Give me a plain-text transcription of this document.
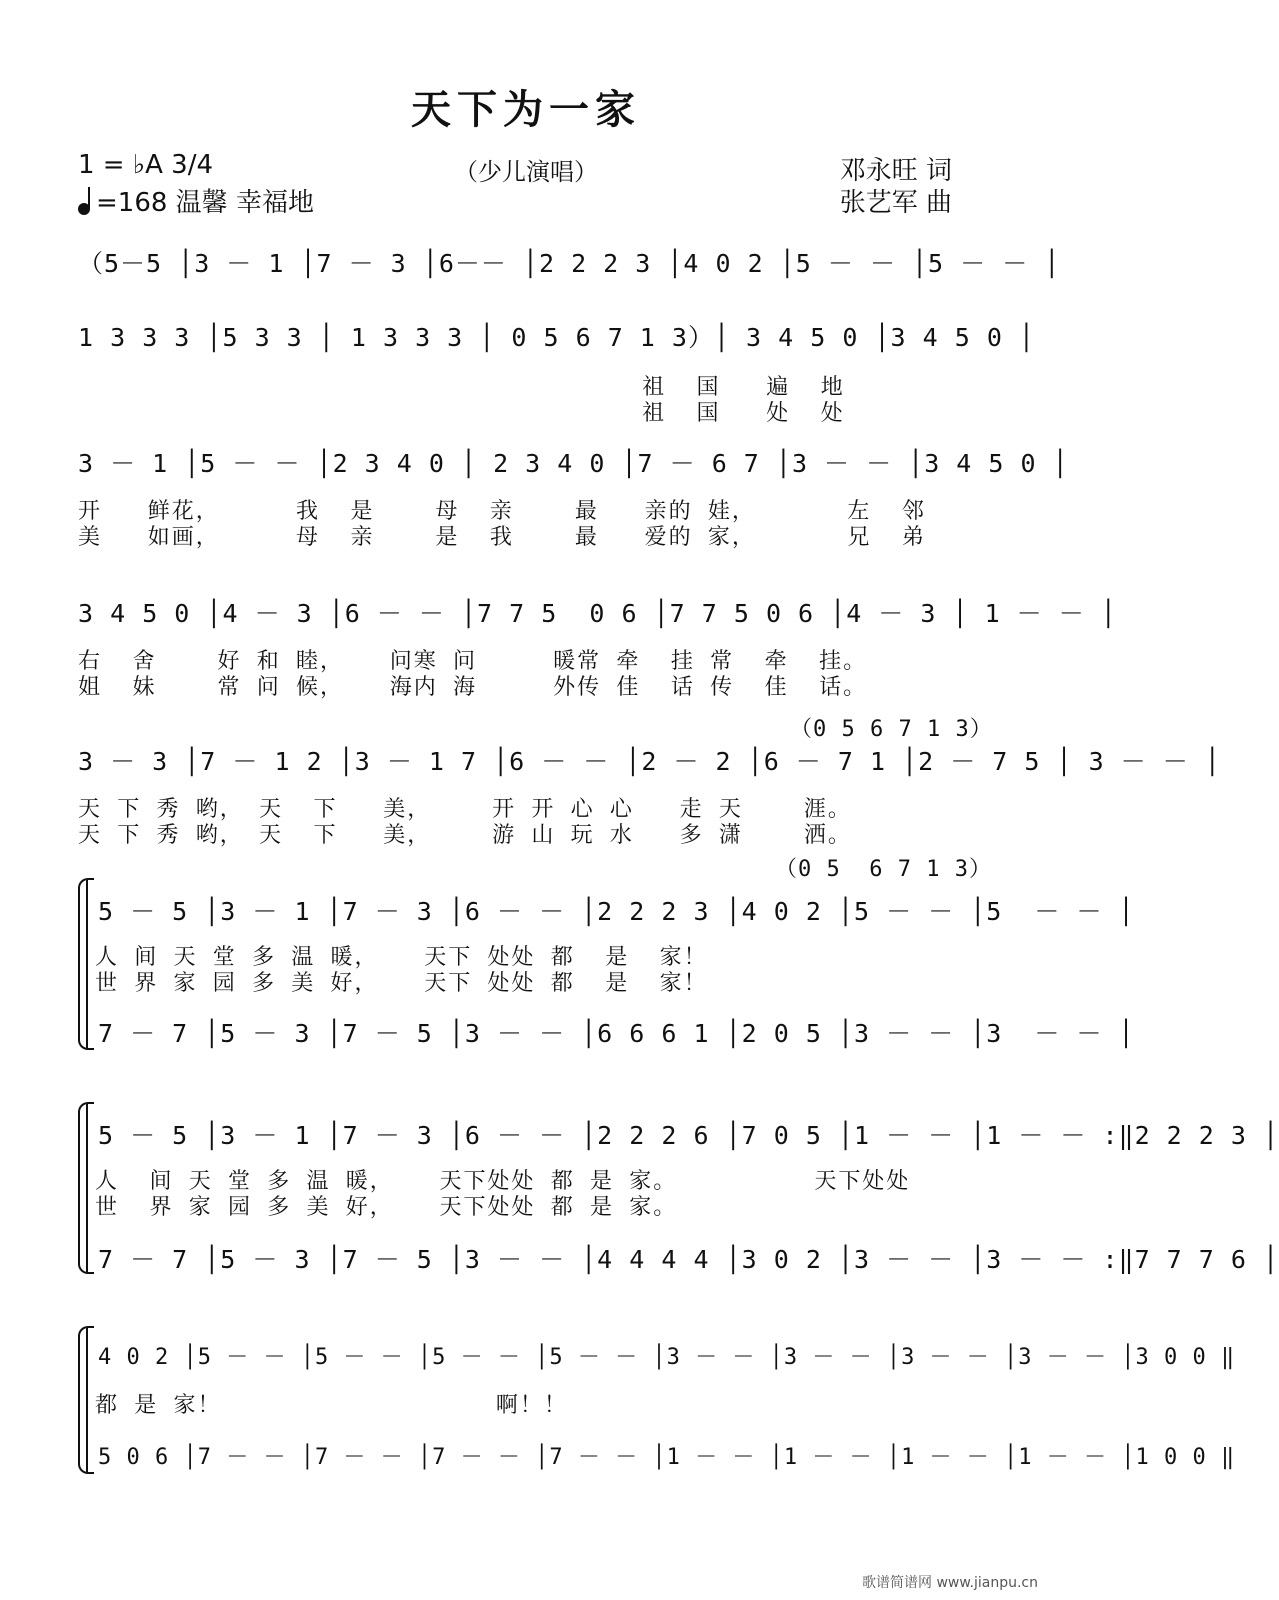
天下为一家
（少儿演唱）
1 = ♭A 3/4
=168 温馨 幸福地
邓永旺 词
张艺军 曲
（5－5 │3 － 1 │7 － 3 │6－－ │2 2 2 3 │4 0 2 │5 － － │5 － － │
1 3 3 3 │5 3 3 │ 1 3 3 3 │ 0 5 6 7 1 3）│ 3 4 5 0 │3 4 5 0 │
祖  国   遍  地
祖  国   处  处
3 － 1 │5 － － │2 3 4 0 │ 2 3 4 0 │7 － 6 7 │3 － － │3 4 5 0 │
开   鲜花，     我  是    母  亲    最   亲的 娃，      左  邻
美   如画，     母  亲    是  我    最   爱的 家，      兄  弟
3 4 5 0 │4 － 3 │6 － － │7 7 5  0 6 │7 7 5 0 6 │4 － 3 │ 1 － － │
右  舍    好 和 睦，   问寒 问     暖常 牵  挂 常  牵  挂。
姐  妹    常 问 候，   海内 海     外传 佳  话 传  佳  话。
（0 5 6 7 1 3）
3 － 3 │7 － 1 2 │3 － 1 7 │6 － － │2 － 2 │6 － 7 1 │2 － 7 5 │ 3 － － │
天 下 秀 哟， 天  下   美，    开 开 心 心   走 天    涯。
天 下 秀 哟， 天  下   美，    游 山 玩 水   多 潇    洒。
（0 5  6 7 1 3）
5 － 5 │3 － 1 │7 － 3 │6 － － │2 2 2 3 │4 0 2 │5 － － │5  － － │
人 间 天 堂 多 温 暖，   天下 处处 都  是  家！
世 界 家 园 多 美 好，   天下 处处 都  是  家！
7 － 7 │5 － 3 │7 － 5 │3 － － │6 6 6 1 │2 0 5 │3 － － │3  － － │
5 － 5 │3 － 1 │7 － 3 │6 － － │2 2 2 6 │7 0 5 │1 － － │1 － － :‖2 2 2 3 │
人  间 天 堂 多 温 暖，   天下处处 都 是 家。         天下处处
世  界 家 园 多 美 好，   天下处处 都 是 家。
7 － 7 │5 － 3 │7 － 5 │3 － － │4 4 4 4 │3 0 2 │3 － － │3 － － :‖7 7 7 6 │
4 0 2 │5 － － │5 － － │5 － － │5 － － │3 － － │3 － － │3 － － │3 － － │3 0 0 ‖
都 是 家！                  啊！！
5 0 6 │7 － － │7 － － │7 － － │7 － － │1 － － │1 － － │1 － － │1 － － │1 0 0 ‖
歌谱简谱网 www.jianpu.cn
